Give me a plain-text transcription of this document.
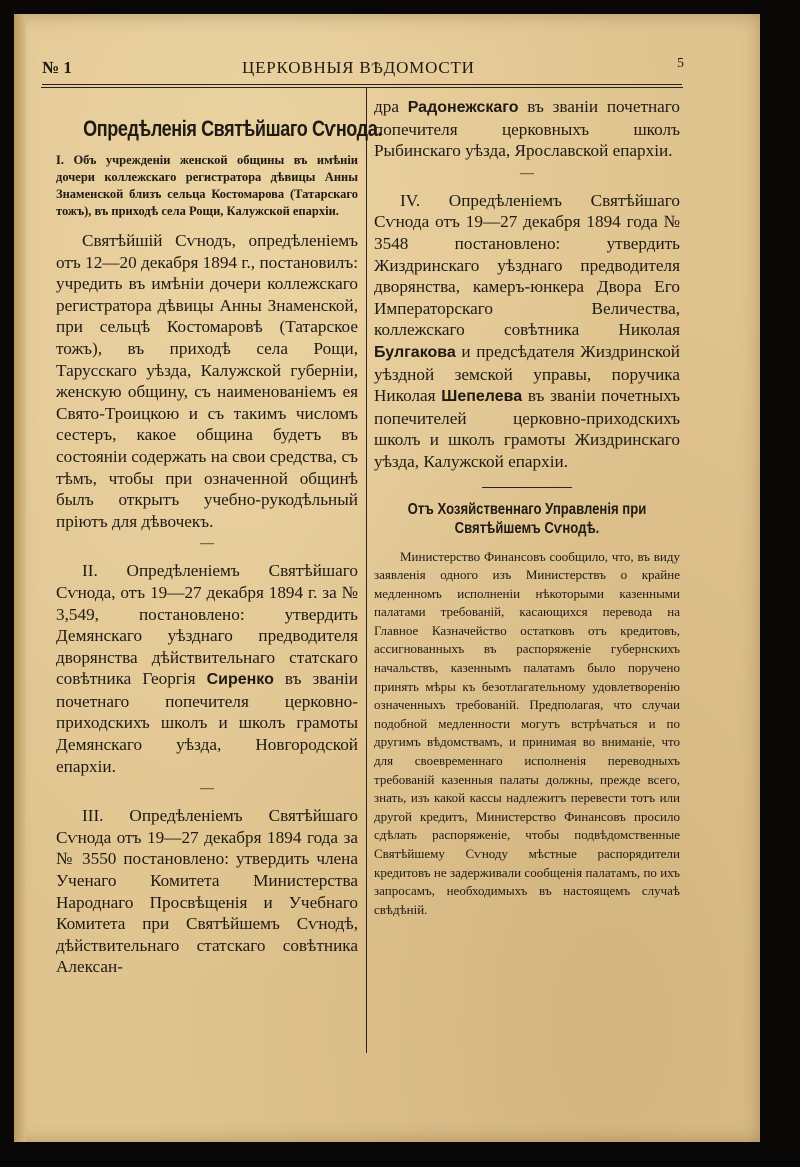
№ 1	ЦЕРКОВНЫЯ ВѢДОМОСТИ	5
Опредѣленія Святѣйшаго Сѵнода.

I. Объ учрежденіи женской общины въ имѣніи дочери коллежскаго регистратора дѣвицы Анны Знаменской близъ сельца Костомарова (Татарскаго тожъ), въ приходѣ села Рощи, Калужской епархіи.

Святѣйшій Сѵнодъ, опредѣленіемъ отъ 12—20 декабря 1894 г., постановилъ: учредить въ имѣніи дочери коллежскаго регистратора дѣвицы Анны Знаменской, при сельцѣ Костомаровѣ (Татарское тожъ), въ приходѣ села Рощи, Тарусскаго уѣзда, Калужской губерніи, женскую общину, съ наименованіемъ ея Свято-Троицкою и съ такимъ числомъ сестеръ, какое община будетъ въ состояніи содержать на свои средства, съ тѣмъ, чтобы при означенной общинѣ былъ открытъ учебно-рукодѣльный пріютъ для дѣвочекъ.

—

II. Опредѣленіемъ Святѣйшаго Сѵнода, отъ 19—27 декабря 1894 г. за № 3,549, постановлено: утвердить Демянскаго уѣзднаго предводителя дворянства дѣйствительнаго статскаго совѣтника Георгія Сиренко въ званіи почетнаго попечителя церковно-приходскихъ школъ и школъ грамоты Демянскаго уѣзда, Новгородской епархіи.

—

III. Опредѣленіемъ Святѣйшаго Сѵнода отъ 19—27 декабря 1894 года за № 3550 постановлено: утвердить члена Ученаго Комитета Министерства Народнаго Просвѣщенія и Учебнаго Комитета при Святѣйшемъ Сѵнодѣ, дѣйствительнаго статскаго совѣтника Алексан-

дра Радонежскаго въ званіи почетнаго попечителя церковныхъ школъ Рыбинскаго уѣзда, Ярославской епархіи.

—

IV. Опредѣленіемъ Святѣйшаго Сѵнода отъ 19—27 декабря 1894 года № 3548 постановлено: утвердить Жиздринскаго уѣзднаго предводителя дворянства, камеръ-юнкера Двора Его Императорскаго Величества, коллежскаго совѣтника Николая Булгакова и предсѣдателя Жиздринской уѣздной земской управы, поручика Николая Шепелева въ званіи почетныхъ попечителей церковно-приходскихъ школъ и школъ грамоты Жиздринскаго уѣзда, Калужской епархіи.

Отъ Хозяйственнаго Управленія при Святѣйшемъ Сѵнодѣ.

Министерство Финансовъ сообщило, что, въ виду заявленія одного изъ Министерствъ о крайне медленномъ исполненіи нѣкоторыми казенными палатами требованій, касающихся перевода на Главное Казначейство остатковъ отъ кредитовъ, ассигнованныхъ въ распоряженіе губернскихъ начальствъ, казеннымъ палатамъ было поручено принять мѣры къ безотлагательному удовлетворенію означенныхъ требованій. Предполагая, что случаи подобной медленности могутъ встрѣчаться и по другимъ вѣдомствамъ, и принимая во вниманіе, что для своевременнаго исполненія переводныхъ требованій казенныя палаты должны, прежде всего, знать, изъ какой кассы надлежитъ перевести тотъ или другой кредитъ, Министерство Финансовъ просило сдѣлать распоряженіе, чтобы подвѣдомственные Святѣйшему Сѵноду мѣстные распорядители кредитовъ не задерживали сообщенія палатамъ, по ихъ запросамъ, необходимыхъ въ настоящемъ случаѣ свѣдѣній.
